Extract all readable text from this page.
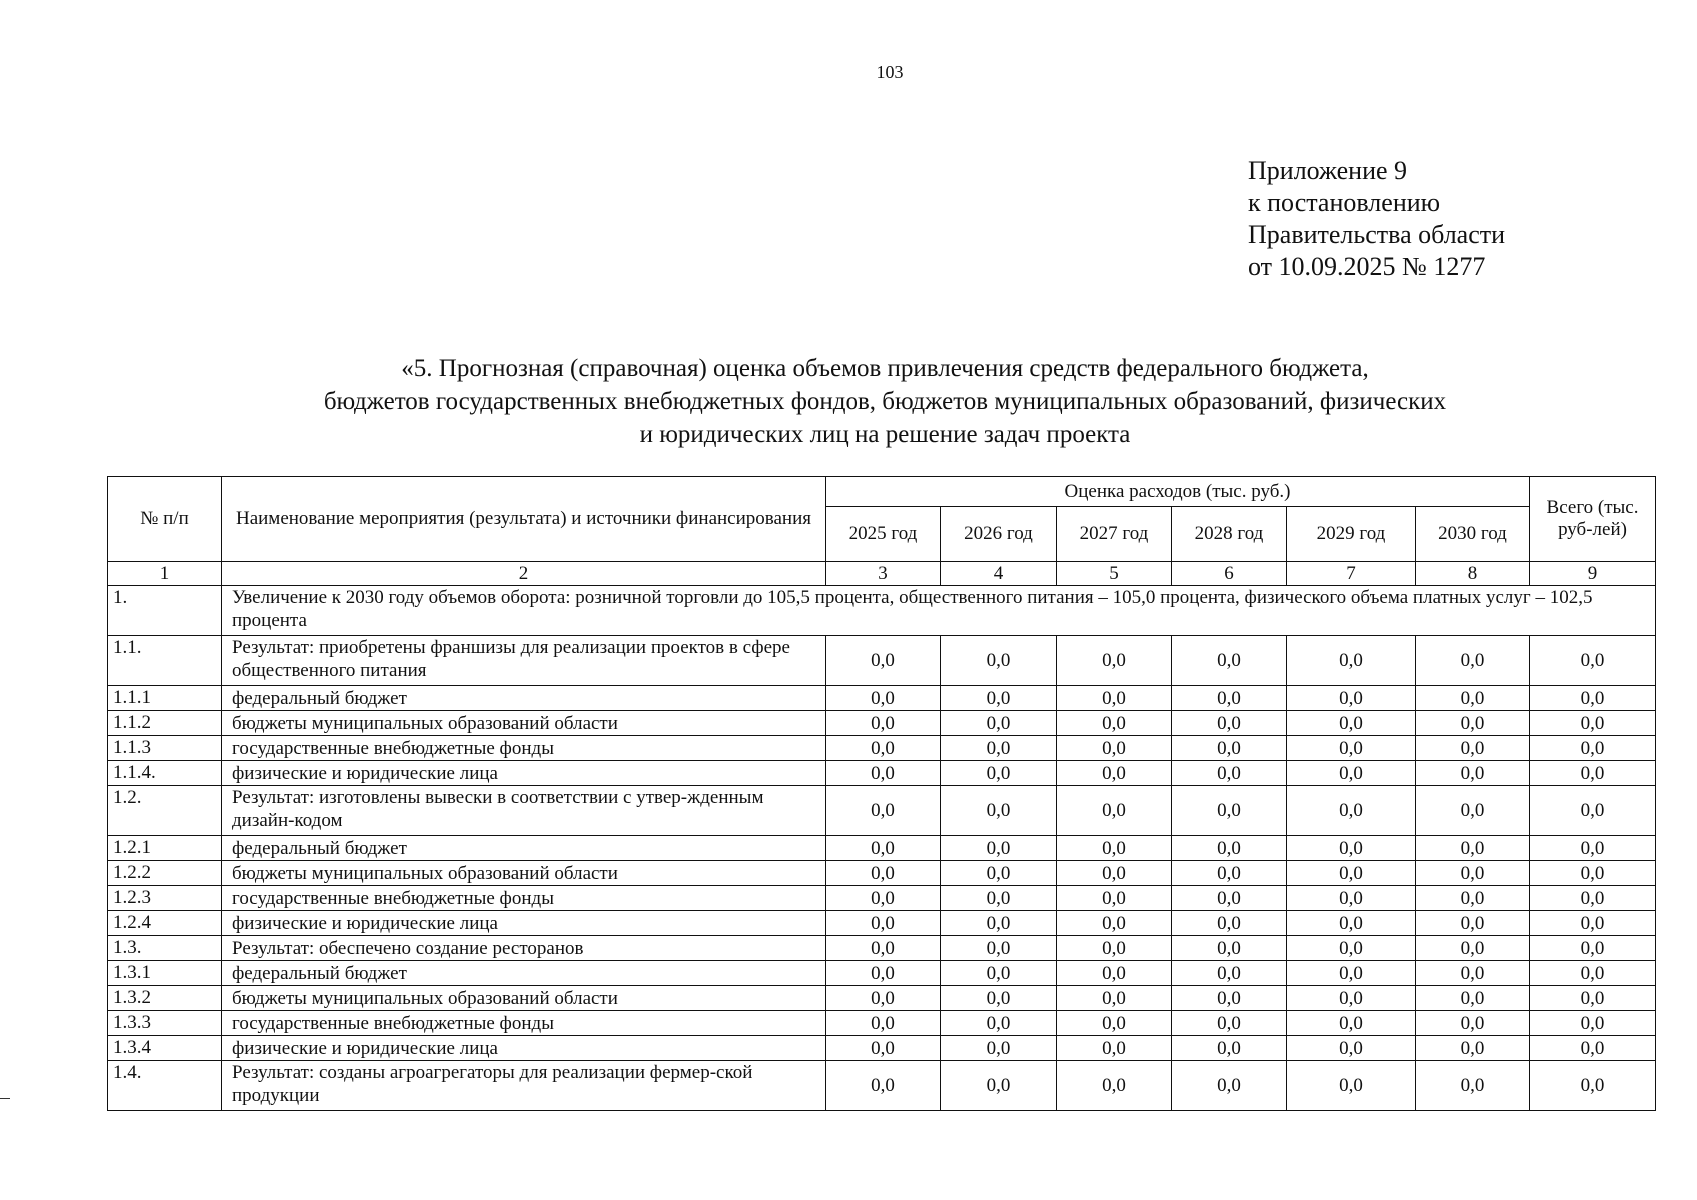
103
Приложение 9
к постановлению
Правительства области
от 10.09.2025 № 1277
«5. Прогнозная (справочная) оценка объемов привлечения средств федерального бюджета,
бюджетов государственных внебюджетных фондов, бюджетов муниципальных образований, физических
и юридических лиц на решение задач проекта
№ п/п	Наименование мероприятия (результата) и источники финансирования	Оценка расходов (тыс. руб.)						Всего (тыс. руб-лей)
		2025 год	2026 год	2027 год	2028 год	2029 год	2030 год	
1	2	3	4	5	6	7	8	9
1.	Увеличение к 2030 году объемов оборота: розничной торговли до 105,5 процента, общественного питания – 105,0 процента, физического объема платных услуг – 102,5 процента							
1.1.	Результат: приобретены франшизы для реализации проектов в сфере общественного питания	0,0	0,0	0,0	0,0	0,0	0,0	0,0
1.1.1	федеральный бюджет	0,0	0,0	0,0	0,0	0,0	0,0	0,0
1.1.2	бюджеты муниципальных образований области	0,0	0,0	0,0	0,0	0,0	0,0	0,0
1.1.3	государственные внебюджетные фонды	0,0	0,0	0,0	0,0	0,0	0,0	0,0
1.1.4.	физические и юридические лица	0,0	0,0	0,0	0,0	0,0	0,0	0,0
1.2.	Результат: изготовлены вывески в соответствии с утвер-жденным дизайн-кодом	0,0	0,0	0,0	0,0	0,0	0,0	0,0
1.2.1	федеральный бюджет	0,0	0,0	0,0	0,0	0,0	0,0	0,0
1.2.2	бюджеты муниципальных образований области	0,0	0,0	0,0	0,0	0,0	0,0	0,0
1.2.3	государственные внебюджетные фонды	0,0	0,0	0,0	0,0	0,0	0,0	0,0
1.2.4	физические и юридические лица	0,0	0,0	0,0	0,0	0,0	0,0	0,0
1.3.	Результат: обеспечено создание ресторанов	0,0	0,0	0,0	0,0	0,0	0,0	0,0
1.3.1	федеральный бюджет	0,0	0,0	0,0	0,0	0,0	0,0	0,0
1.3.2	бюджеты муниципальных образований области	0,0	0,0	0,0	0,0	0,0	0,0	0,0
1.3.3	государственные внебюджетные фонды	0,0	0,0	0,0	0,0	0,0	0,0	0,0
1.3.4	физические и юридические лица	0,0	0,0	0,0	0,0	0,0	0,0	0,0
1.4.	Результат: созданы агроагрегаторы для реализации фермер-ской продукции	0,0	0,0	0,0	0,0	0,0	0,0	0,0
